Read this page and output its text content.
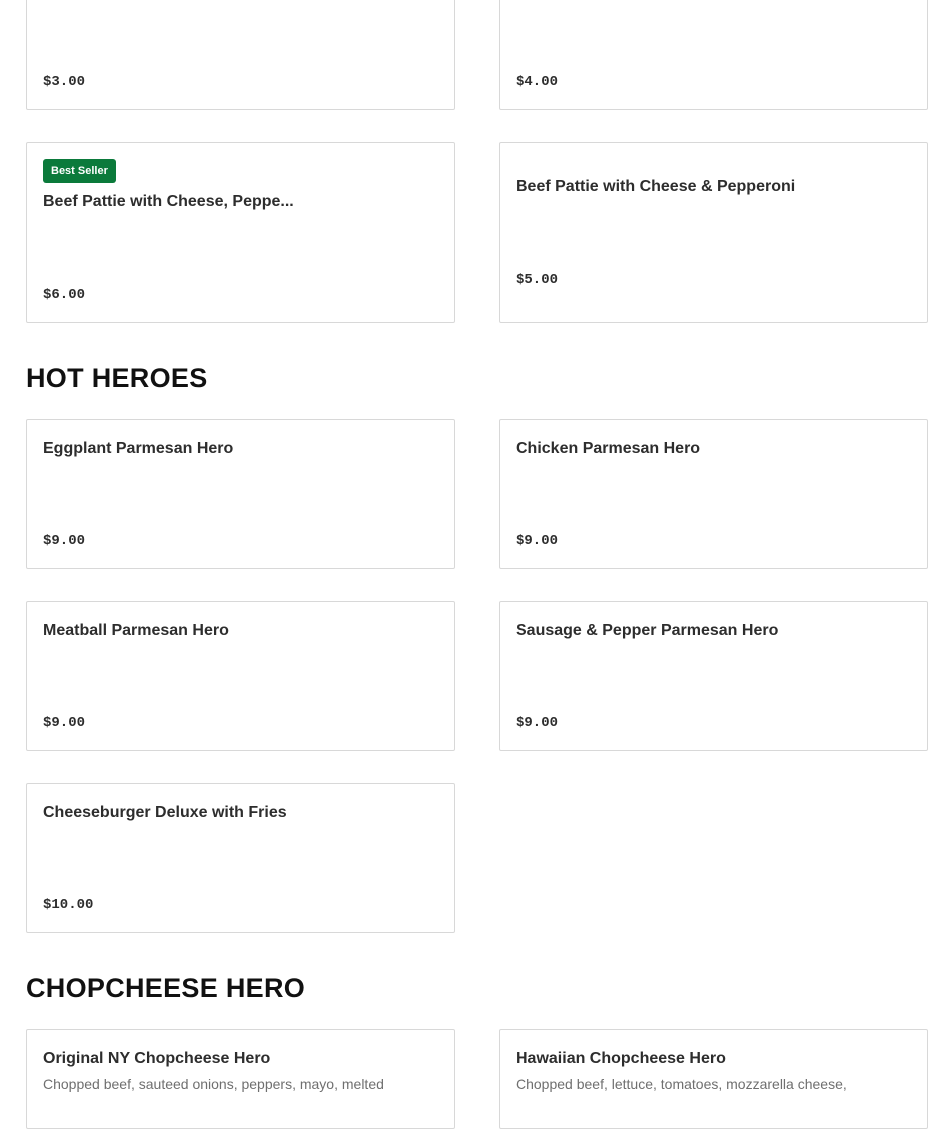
$3.00	$4.00
Best Seller
Beef Pattie with Cheese, Peppe...
$6.00
Beef Pattie with Cheese & Pepperoni
$5.00
HOT HEROES
Eggplant Parmesan Hero
$9.00
Chicken Parmesan Hero
$9.00
Meatball Parmesan Hero
$9.00
Sausage & Pepper Parmesan Hero
$9.00
Cheeseburger Deluxe with Fries
$10.00
CHOPCHEESE HERO
Original NY Chopcheese Hero
Chopped beef, sauteed onions, peppers, mayo, melted
Hawaiian Chopcheese Hero
Chopped beef, lettuce, tomatoes, mozzarella cheese,
